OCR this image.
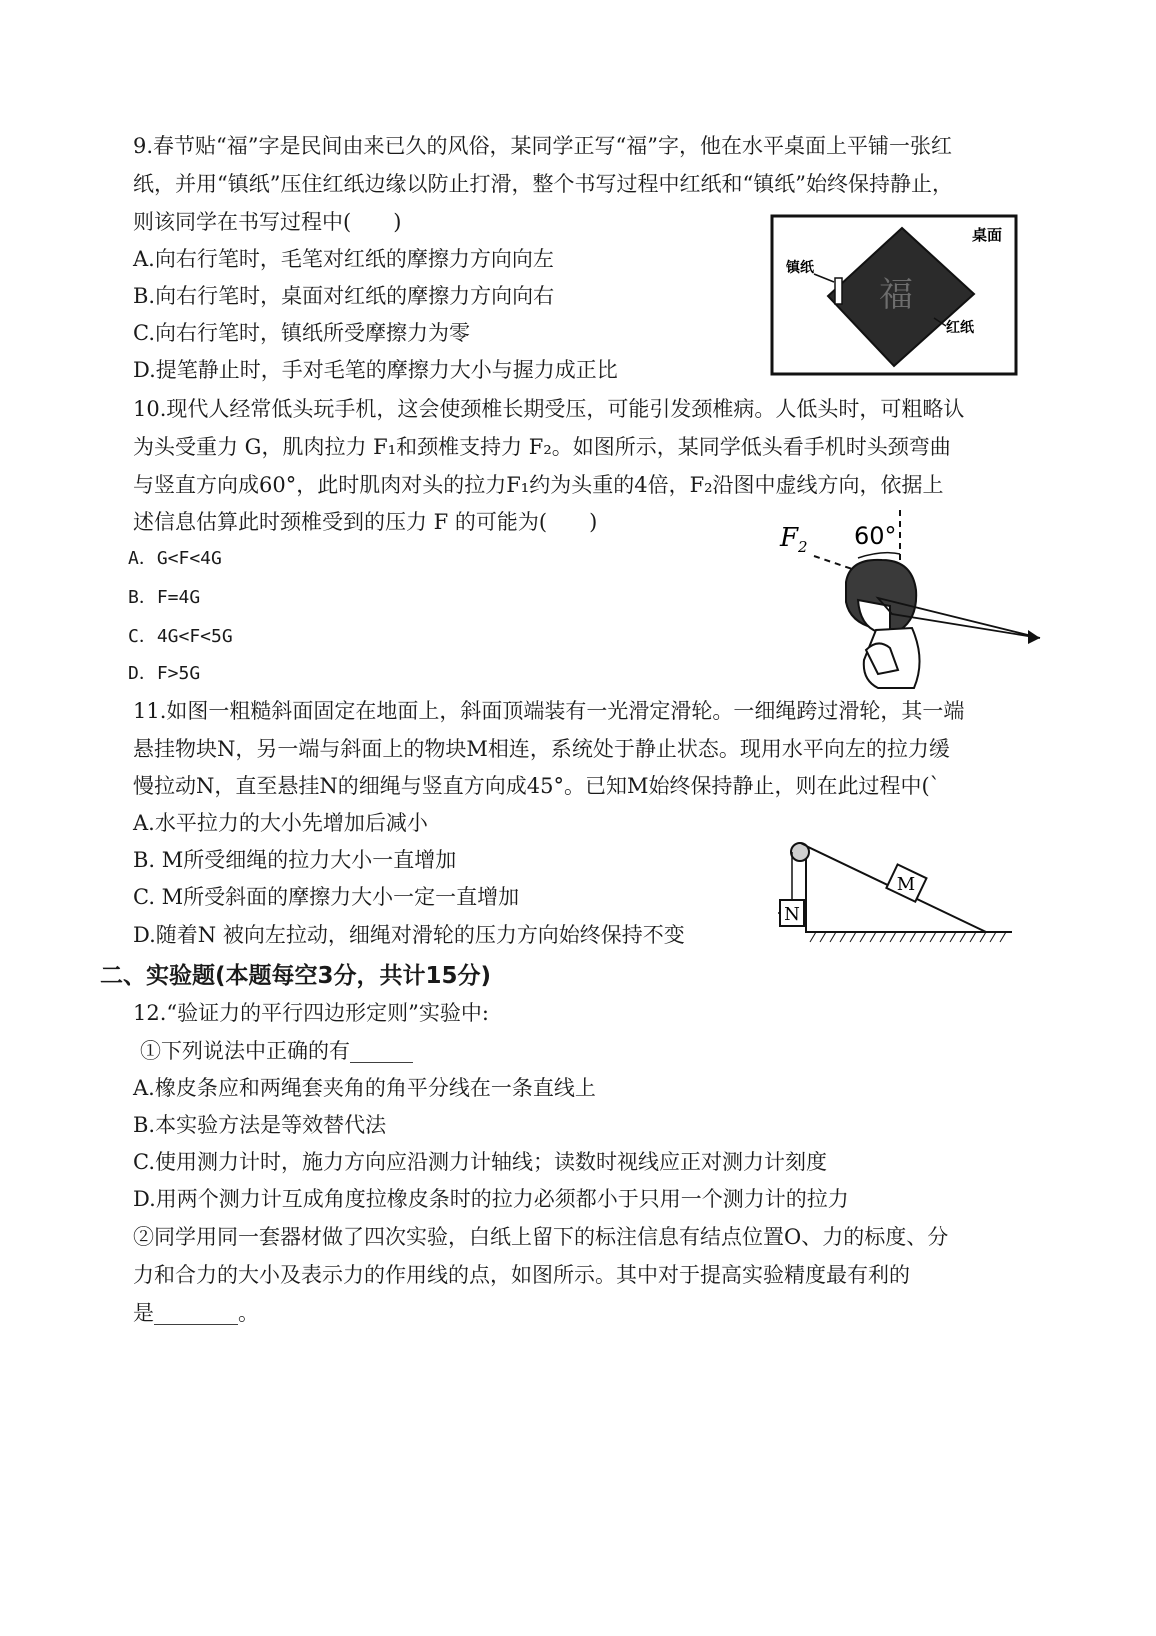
9.春节贴“福”字是民间由来已久的风俗，某同学正写“福”字，他在水平桌面上平铺一张红
纸，并用“镇纸”压住红纸边缘以防止打滑，整个书写过程中红纸和“镇纸”始终保持静止，
则该同学在书写过程中(　　)
A.向右行笔时，毛笔对红纸的摩擦力方向向左
B.向右行笔时，桌面对红纸的摩擦力方向向右
C.向右行笔时，镇纸所受摩擦力为零
D.提笔静止时，手对毛笔的摩擦力大小与握力成正比
福
桌面
镇纸
红纸
10.现代人经常低头玩手机，这会使颈椎长期受压，可能引发颈椎病。人低头时，可粗略认
为头受重力 G，肌肉拉力 F₁和颈椎支持力 F₂。如图所示，某同学低头看手机时头颈弯曲
与竖直方向成60°，此时肌肉对头的拉力F₁约为头重的4倍，F₂沿图中虚线方向，依据上
述信息估算此时颈椎受到的压力 F 的可能为(　　)
A．G<F<4G
B．F=4G
C．4G<F<5G
D．F>5G
$F_2$ 60°
11.如图一粗糙斜面固定在地面上，斜面顶端装有一光滑定滑轮。一细绳跨过滑轮，其一端
悬挂物块N，另一端与斜面上的物块M相连，系统处于静止状态。现用水平向左的拉力缓
慢拉动N，直至悬挂N的细绳与竖直方向成45°。已知M始终保持静止，则在此过程中(`
A.水平拉力的大小先增加后减小
B. M所受细绳的拉力大小一直增加
C. M所受斜面的摩擦力大小一定一直增加
D.随着N 被向左拉动，细绳对滑轮的压力方向始终保持不变
M
N
二、实验题(本题每空3分，共计15分)
12.“验证力的平行四边形定则”实验中:
①下列说法中正确的有______
A.橡皮条应和两绳套夹角的角平分线在一条直线上
B.本实验方法是等效替代法
C.使用测力计时，施力方向应沿测力计轴线；读数时视线应正对测力计刻度
D.用两个测力计互成角度拉橡皮条时的拉力必须都小于只用一个测力计的拉力
②同学用同一套器材做了四次实验，白纸上留下的标注信息有结点位置O、力的标度、分
力和合力的大小及表示力的作用线的点，如图所示。其中对于提高实验精度最有利的
是________。
